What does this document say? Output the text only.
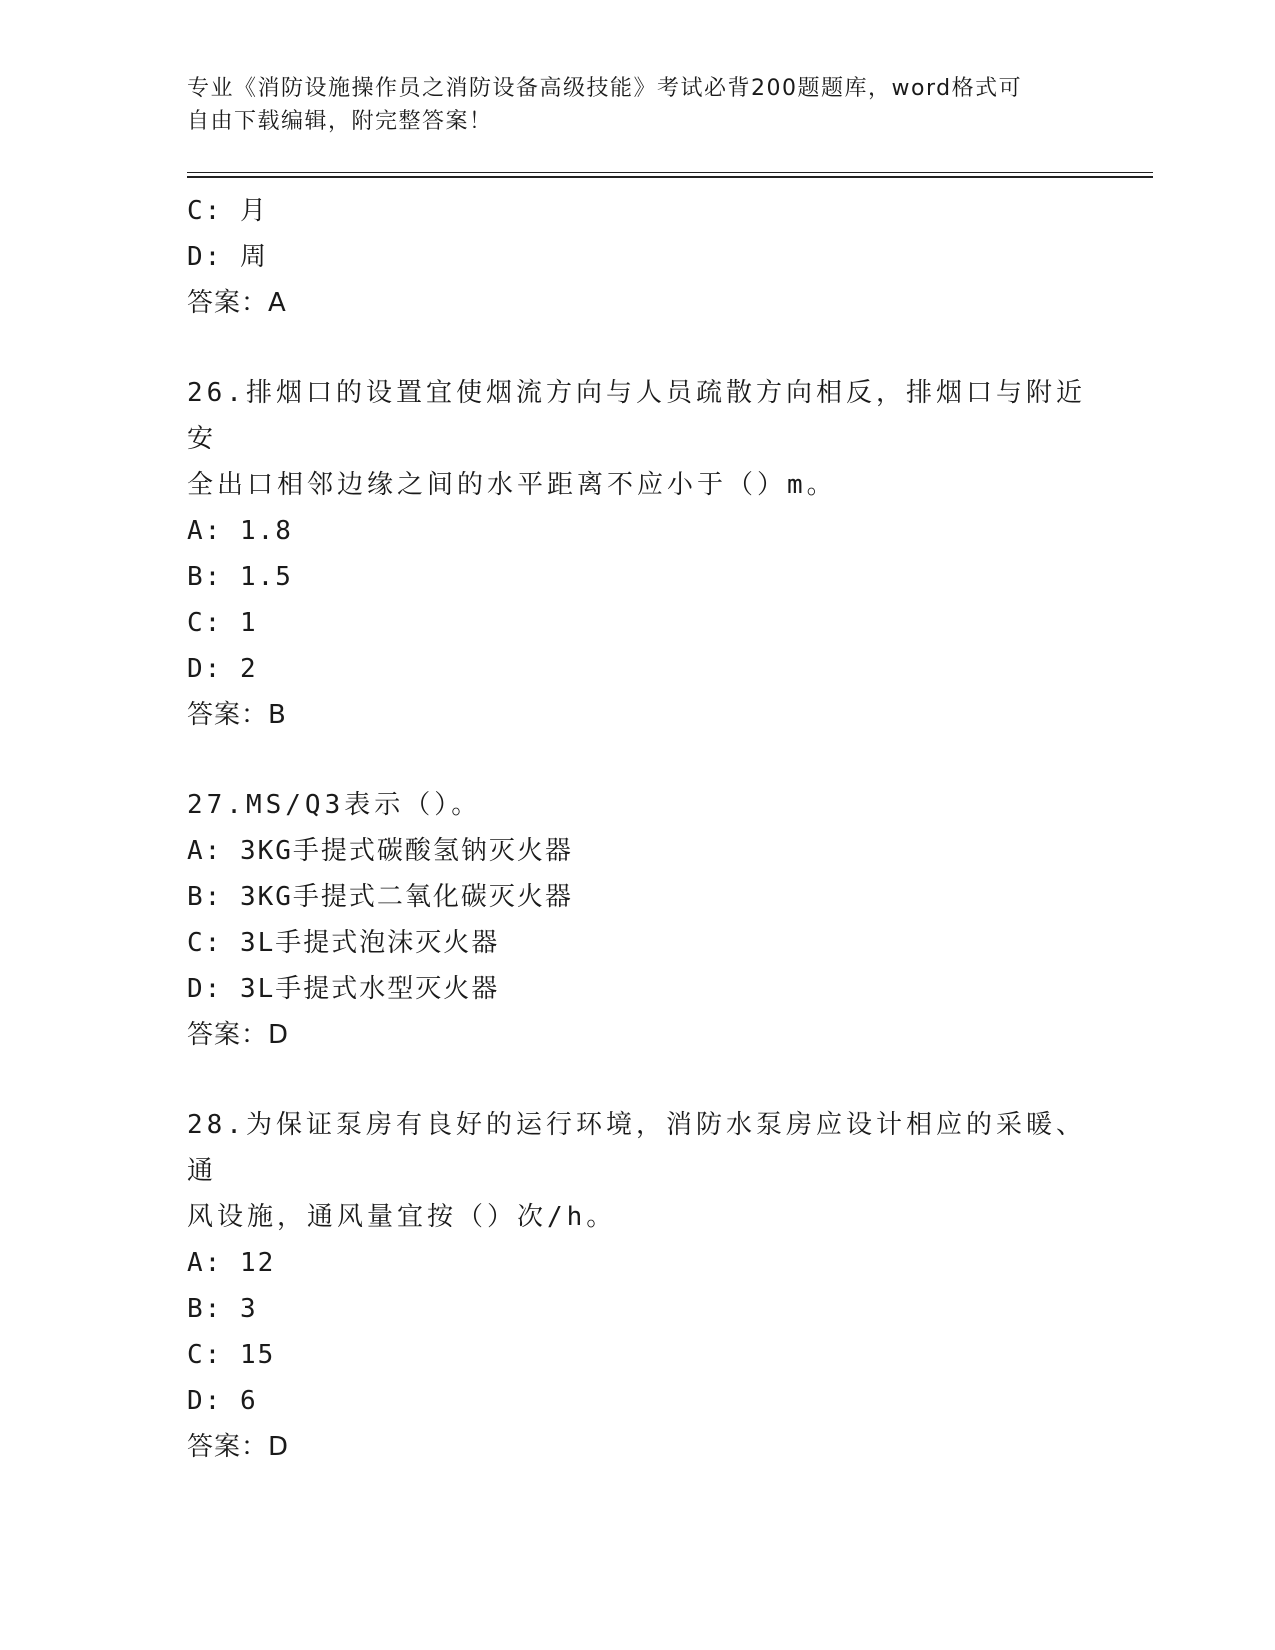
专业《消防设施操作员之消防设备高级技能》考试必背200题题库，word格式可
自由下载编辑，附完整答案！
C: 月
D: 周
答案：A
26.排烟口的设置宜使烟流方向与人员疏散方向相反，排烟口与附近安
全出口相邻边缘之间的水平距离不应小于（）m。
A: 1.8
B: 1.5
C: 1
D: 2
答案：B
27.MS/Q3表示（）。
A: 3KG手提式碳酸氢钠灭火器
B: 3KG手提式二氧化碳灭火器
C: 3L手提式泡沫灭火器
D: 3L手提式水型灭火器
答案：D
28.为保证泵房有良好的运行环境，消防水泵房应设计相应的采暖、通
风设施，通风量宜按（）次/h。
A: 12
B: 3
C: 15
D: 6
答案：D
